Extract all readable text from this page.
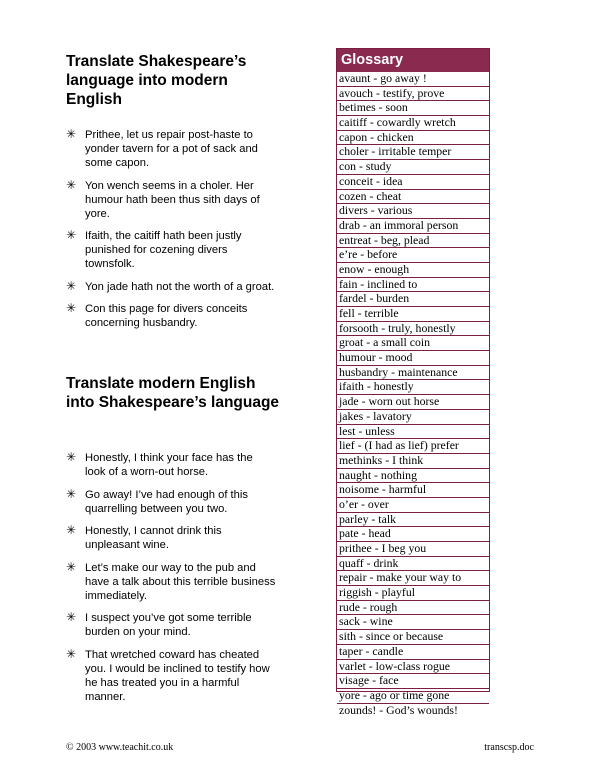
Translate Shakespeare’s language into modern English
✳ Prithee, let us repair post-haste to yonder tavern for a pot of sack and some capon.
✳ Yon wench seems in a choler. Her humour hath been thus sith days of yore.
✳ Ifaith, the caitiff hath been justly punished for cozening divers townsfolk.
✳ Yon jade hath not the worth of a groat.
✳ Con this page for divers conceits concerning husbandry.
Translate modern English into Shakespeare’s language
✳ Honestly, I think your face has the look of a worn-out horse.
✳ Go away! I’ve had enough of this quarrelling between you two.
✳ Honestly, I cannot drink this unpleasant wine.
✳ Let’s make our way to the pub and have a talk about this terrible business immediately.
✳ I suspect you’ve got some terrible burden on your mind.
✳ That wretched coward has cheated you. I would be inclined to testify how he has treated you in a harmful manner.
Glossary
avaunt - go away !
avouch - testify, prove
betimes - soon
caitiff - cowardly wretch
capon - chicken
choler - irritable temper
con - study
conceit - idea
cozen - cheat
divers - various
drab - an immoral person
entreat - beg, plead
e’re - before
enow - enough
fain - inclined to
fardel - burden
fell - terrible
forsooth - truly, honestly
groat - a small coin
humour - mood
husbandry - maintenance
ifaith - honestly
jade - worn out horse
jakes - lavatory
lest - unless
lief - (I had as lief) prefer
methinks - I think
naught - nothing
noisome - harmful
o’er - over
parley - talk
pate - head
prithee - I beg you
quaff - drink
repair - make your way to
riggish - playful
rude - rough
sack - wine
sith - since or because
taper - candle
varlet - low-class rogue
visage - face
yore - ago or time gone
zounds! - God’s wounds!
© 2003 www.teachit.co.uk	transcsp.doc
